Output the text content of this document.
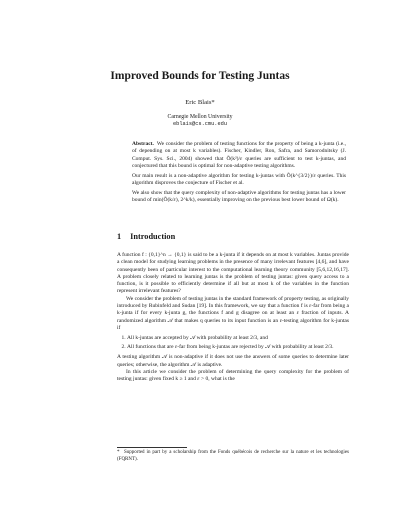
Improved Bounds for Testing Juntas
Eric Blais*
Carnegie Mellon University
eblais@cs.cmu.edu

Abstract. We consider the problem of testing functions for the property of being a k-junta (i.e., of depending on at most k variables). Fischer, Kindler, Ron, Safra, and Samorodnitsky (J. Comput. Sys. Sci., 2004) showed that Õ(k²)/ε queries are sufficient to test k-juntas, and conjectured that this bound is optimal for non-adaptive testing algorithms.

Our main result is a non-adaptive algorithm for testing k-juntas with Õ(k^{3/2})/ε queries. This algorithm disproves the conjecture of Fischer et al.

We also show that the query complexity of non-adaptive algorithms for testing juntas has a lower bound of min(Õ(k/ε), 2^k/k), essentially improving on the previous best lower bound of Ω(k).

1 Introduction

A function f : {0,1}^n → {0,1} is said to be a k-junta if it depends on at most k variables. Juntas provide a clean model for studying learning problems in the presence of many irrelevant features [4,6], and have consequently been of particular interest to the computational learning theory community [5,6,12,16,17]. A problem closely related to learning juntas is the problem of testing juntas: given query access to a function, is it possible to efficiently determine if all but at most k of the variables in the function represent irrelevant features?

We consider the problem of testing juntas in the standard framework of property testing, as originally introduced by Rubinfeld and Sudan [19]. In this framework, we say that a function f is ε-far from being a k-junta if for every k-junta g, the functions f and g disagree on at least an ε fraction of inputs. A randomized algorithm 𝒜 that makes q queries to its input function is an ε-testing algorithm for k-juntas if

1. All k-juntas are accepted by 𝒜 with probability at least 2/3, and
2. All functions that are ε-far from being k-juntas are rejected by 𝒜 with probability at least 2/3.

A testing algorithm 𝒜 is non-adaptive if it does not use the answers of some queries to determine later queries; otherwise, the algorithm 𝒜 is adaptive.

In this article we consider the problem of determining the query complexity for the problem of testing juntas: given fixed k ≥ 1 and ε > 0, what is the

* Supported in part by a scholarship from the Fonds québécois de recherche sur la nature et les technologies (FQRNT).
